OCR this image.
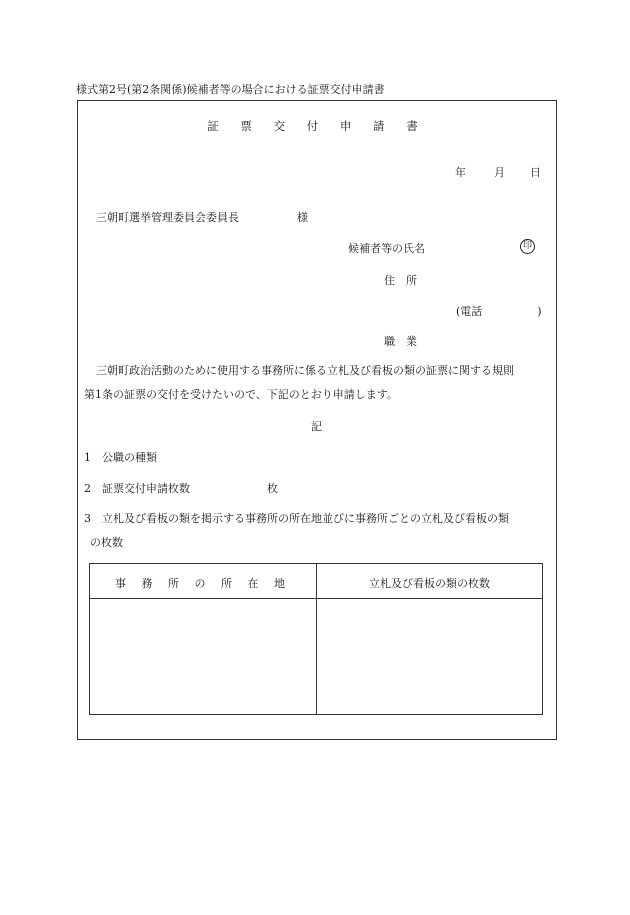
様式第2号(第2条関係)候補者等の場合における証票交付申請書
証 票 交 付 申 請 書
年	月 日
三朝町選挙管理委員会委員長	様
候補者等の氏名
住　所
(電話　　　　　)
職　業
三朝町政治活動のために使用する事務所に係る立札及び看板の類の証票に関する規則
第1条の証票の交付を受けたいので、下記のとおり申請します。
記
1　公職の種類
2　証票交付申請枚数	枚
3　立札及び看板の類を掲示する事務所の所在地並びに事務所ごとの立札及び看板の類
の枚数
印
事 務 所 の 所 在 地	立札及び看板の類の枚数
